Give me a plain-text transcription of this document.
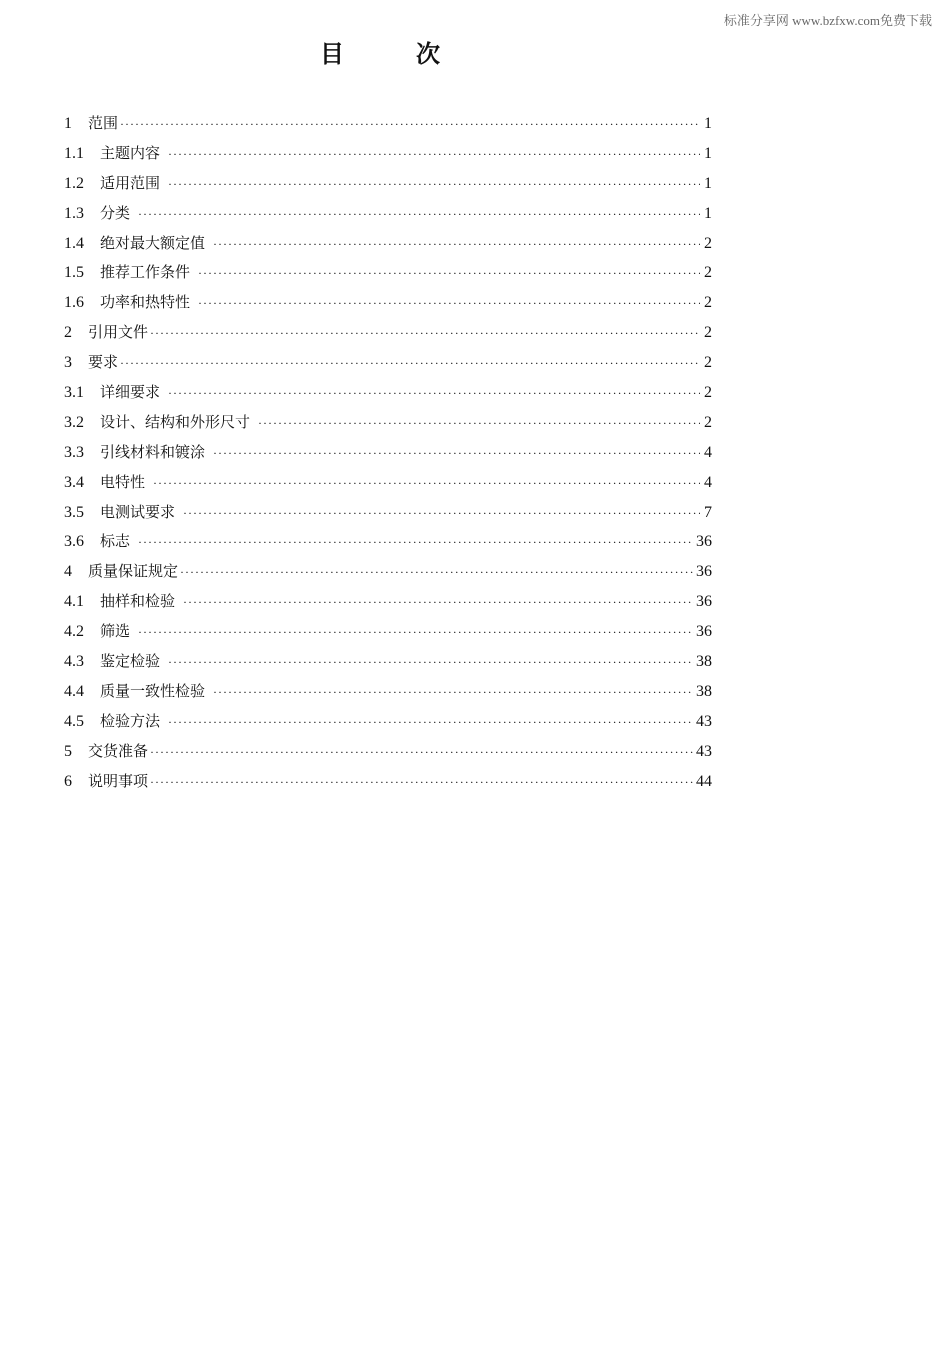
标准分享网 www.bzfxw.com免费下载
目	次
1	范围 ·····	1
1.1	主题内容 ·····	1
1.2	适用范围 ·····	1
1.3	分类 ·····	1
1.4	绝对最大额定值 ·····	2
1.5	推荐工作条件 ·····	2
1.6	功率和热特性 ·····	2
2	引用文件 ·····	2
3	要求 ·····	2
3.1	详细要求 ·····	2
3.2	设计、结构和外形尺寸 ·····	2
3.3	引线材料和镀涂 ·····	4
3.4	电特性 ·····	4
3.5	电测试要求 ·····	7
3.6	标志 ·····	36
4	质量保证规定 ·····	36
4.1	抽样和检验 ·····	36
4.2	筛选 ·····	36
4.3	鉴定检验 ·····	38
4.4	质量一致性检验 ·····	38
4.5	检验方法 ·····	43
5	交货准备 ·····	43
6	说明事项 ·····	44
